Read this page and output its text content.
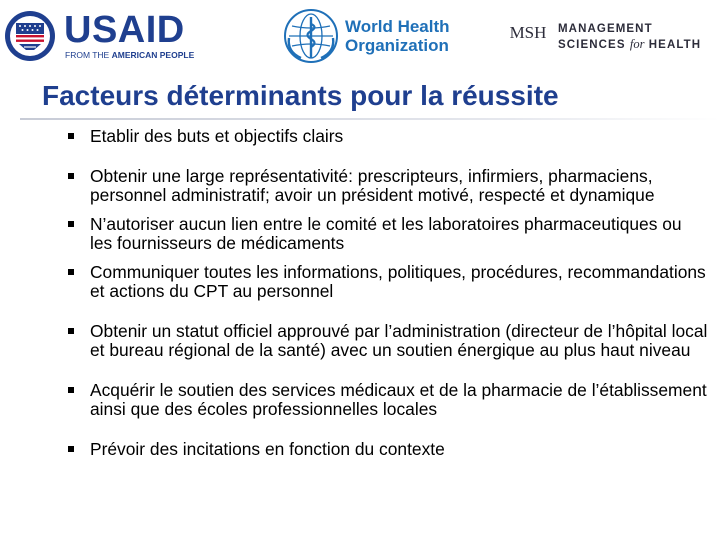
USAID
FROM THE AMERICAN PEOPLE
World Health
Organization
MSH MANAGEMENT
SCIENCES for HEALTH
Facteurs déterminants pour la réussite
Etablir des buts et objectifs clairs
Obtenir une large représentativité: prescripteurs, infirmiers, pharmaciens, personnel administratif; avoir un président motivé, respecté et dynamique
N’autoriser aucun lien entre le comité et les laboratoires pharmaceutiques ou les fournisseurs de médicaments
Communiquer toutes les informations, politiques, procédures, recommandations et actions du CPT au personnel
Obtenir un statut officiel approuvé par l’administration (directeur de l’hôpital local et bureau régional de la santé) avec un soutien énergique au plus haut niveau
Acquérir le soutien des services médicaux et de la pharmacie de l’établissement ainsi que des écoles professionnelles locales
Prévoir des incitations en fonction du contexte
